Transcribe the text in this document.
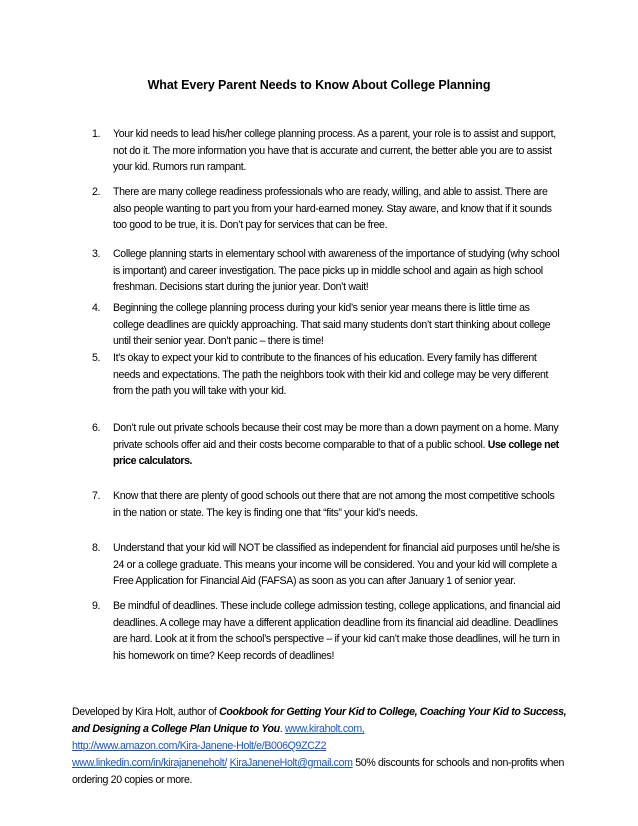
What Every Parent Needs to Know About College Planning
1.	Your kid needs to lead his/her college planning process. As a parent, your role is to assist and support, not do it. The more information you have that is accurate and current, the better able you are to assist your kid. Rumors run rampant.
2.	There are many college readiness professionals who are ready, willing, and able to assist. There are also people wanting to part you from your hard-earned money. Stay aware, and know that if it sounds too good to be true, it is. Don’t pay for services that can be free.
3.	College planning starts in elementary school with awareness of the importance of studying (why school is important) and career investigation. The pace picks up in middle school and again as high school freshman. Decisions start during the junior year. Don’t wait!
4.	Beginning the college planning process during your kid’s senior year means there is little time as college deadlines are quickly approaching. That said many students don’t start thinking about college until their senior year. Don’t panic – there is time!
5.	It’s okay to expect your kid to contribute to the finances of his education. Every family has different needs and expectations. The path the neighbors took with their kid and college may be very different from the path you will take with your kid.
6.	Don’t rule out private schools because their cost may be more than a down payment on a home. Many private schools offer aid and their costs become comparable to that of a public school. Use college net price calculators.
7.	Know that there are plenty of good schools out there that are not among the most competitive schools in the nation or state. The key is finding one that “fits” your kid’s needs.
8.	Understand that your kid will NOT be classified as independent for financial aid purposes until he/she is 24 or a college graduate. This means your income will be considered. You and your kid will complete a Free Application for Financial Aid (FAFSA) as soon as you can after January 1 of senior year.
9.	Be mindful of deadlines. These include college admission testing, college applications, and financial aid deadlines. A college may have a different application deadline from its financial aid deadline. Deadlines are hard. Look at it from the school’s perspective – if your kid can’t make those deadlines, will he turn in his homework on time? Keep records of deadlines!
Developed by Kira Holt, author of Cookbook for Getting Your Kid to College, Coaching Your Kid to Success, and Designing a College Plan Unique to You. www.kiraholt.com,
http://www.amazon.com/Kira-Janene-Holt/e/B006Q9ZCZ2
www.linkedin.com/in/kirajaneneholt/ KiraJaneneHolt@gmail.com 50% discounts for schools and non-profits when ordering 20 copies or more.
